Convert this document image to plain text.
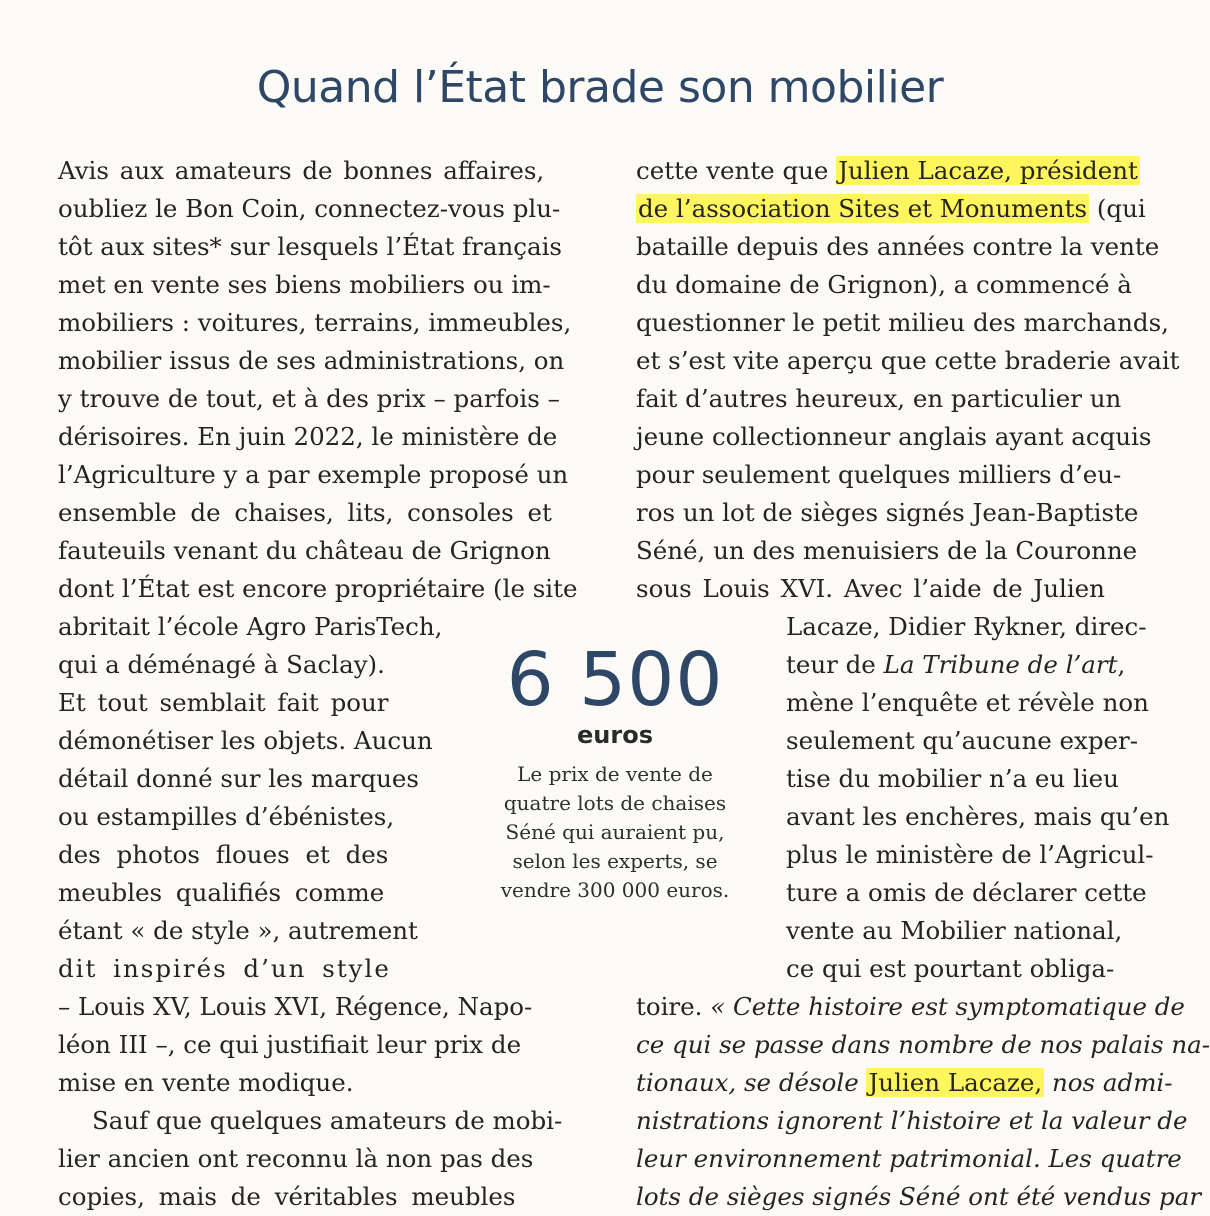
Quand l’État brade son mobilier
Avis aux amateurs de bonnes affaires,
oubliez le Bon Coin, connectez-vous plu-
tôt aux sites* sur lesquels l’État français
met en vente ses biens mobiliers ou im-
mobiliers : voitures, terrains, immeubles,
mobilier issus de ses administrations, on
y trouve de tout, et à des prix – parfois –
dérisoires. En juin 2022, le ministère de
l’Agriculture y a par exemple proposé un
ensemble de chaises, lits, consoles et
fauteuils venant du château de Grignon
dont l’État est encore propriétaire (le site
abritait l’école Agro ParisTech,
qui a déménagé à Saclay).
Et tout semblait fait pour
démonétiser les objets. Aucun
détail donné sur les marques
ou estampilles d’ébénistes,
des photos floues et des
meubles qualifiés comme
étant « de style », autrement
dit inspirés d’un style
– Louis XV, Louis XVI, Régence, Napo-
léon III –, ce qui justifiait leur prix de
mise en vente modique.
Sauf que quelques amateurs de mobi-
lier ancien ont reconnu là non pas des
copies, mais de véritables meubles
6 500
euros
Le prix de vente de
quatre lots de chaises
Séné qui auraient pu,
selon les experts, se
vendre 300 000 euros.
cette vente que Julien Lacaze, président
de l’association Sites et Monuments (qui
bataille depuis des années contre la vente
du domaine de Grignon), a commencé à
questionner le petit milieu des marchands,
et s’est vite aperçu que cette braderie avait
fait d’autres heureux, en particulier un
jeune collectionneur anglais ayant acquis
pour seulement quelques milliers d’eu-
ros un lot de sièges signés Jean-Baptiste
Séné, un des menuisiers de la Couronne
sous Louis XVI. Avec l’aide de Julien
Lacaze, Didier Rykner, direc-
teur de La Tribune de l’art,
mène l’enquête et révèle non
seulement qu’aucune exper-
tise du mobilier n’a eu lieu
avant les enchères, mais qu’en
plus le ministère de l’Agricul-
ture a omis de déclarer cette
vente au Mobilier national,
ce qui est pourtant obliga-
toire. « Cette histoire est symptomatique de
ce qui se passe dans nombre de nos palais na-
tionaux, se désole Julien Lacaze, nos admi-
nistrations ignorent l’histoire et la valeur de
leur environnement patrimonial. Les quatre
lots de sièges signés Séné ont été vendus par
